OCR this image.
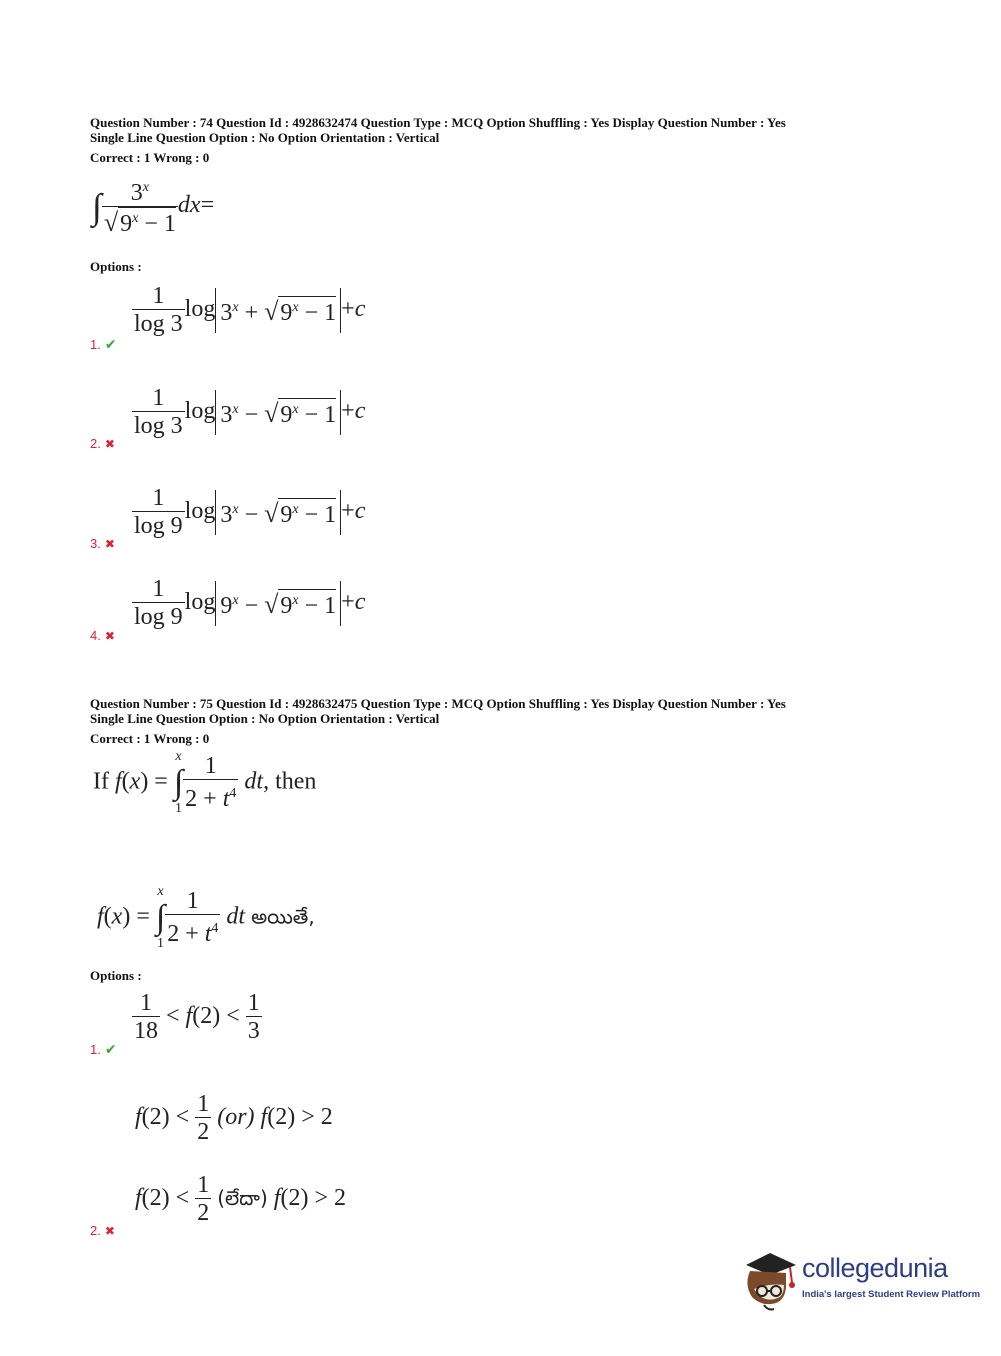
Question Number : 74 Question Id : 4928632474 Question Type : MCQ Option Shuffling : Yes Display Question Number : Yes
Single Line Question Option : No Option Orientation : Vertical
Correct : 1 Wrong : 0
∫ $\frac{3^x}{√9^x - 1} dx=$
Options :
$\frac{1}{\log 3}$ $\log 3^x + √9^x - 1 +c$
1. ✔
$\frac{1}{\log 3}$ $\log 3^x - √9^x - 1 +c$
2. ✖
$\frac{1}{\log 9}$ $\log 3^x - √9^x - 1 +c$
3. ✖
$\frac{1}{\log 9}$ $\log 9^x - √9^x - 1 +c$
4. ✖
Question Number : 75 Question Id : 4928632475 Question Type : MCQ Option Shuffling : Yes Display Question Number : Yes
Single Line Question Option : No Option Orientation : Vertical
Correct : 1 Wrong : 0
If f(x) = x
∫
$1 \frac{1}{2 + t^4}$ dt, then
f(x) = x
∫
$1 \frac{1}{2 + t^4}$ dt అయితే,
Options :
$\frac{1}{18} < f(2) < \frac{1}{3}$
1. ✔
$f(2) < \frac{1}{2} (or) f(2) > 2$
$f(2) < \frac{1}{2}$ (లేదా) f(2) > 2
2. ✖
collegedunia
India's largest Student Review Platform
